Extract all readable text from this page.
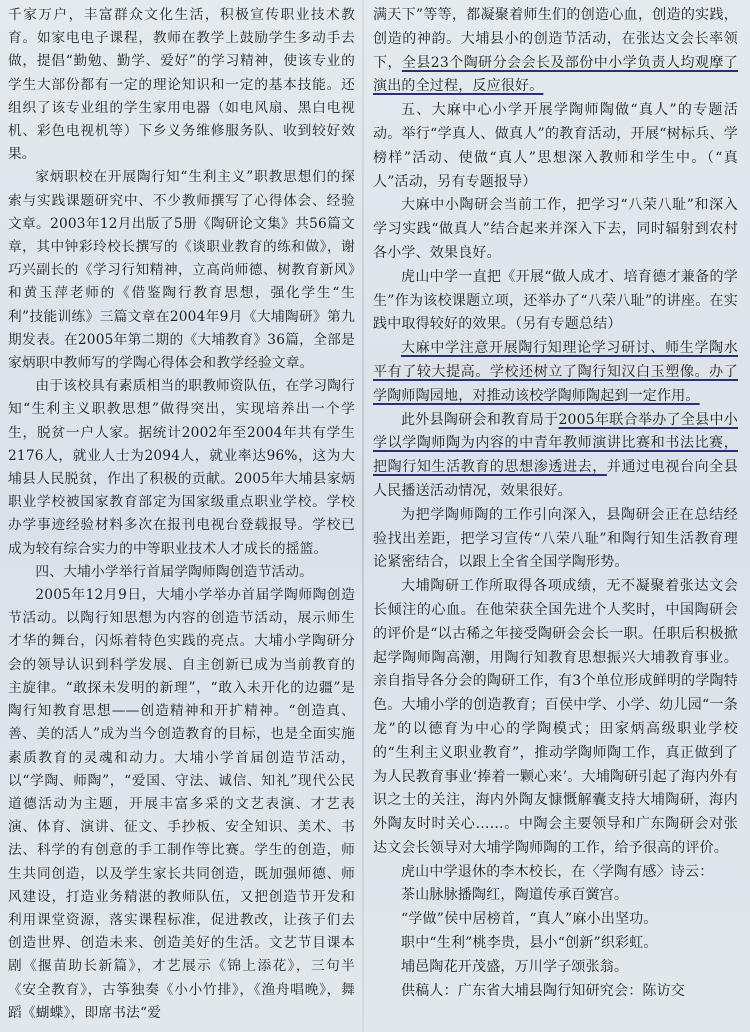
千家万户，丰富群众文化生活，积极宣传职业技术教育。如家电电子课程，教师在教学上鼓励学生多动手去做，提倡“勤勉、勤学、爱好”的学习精神，使该专业的学生大部份都有一定的理论知识和一定的基本技能。还组织了该专业组的学生家用电器（如电风扇、黑白电视机、彩色电视机等）下乡义务维修服务队、收到较好效果。

家炳职校在开展陶行知“生利主义”职教思想们的探索与实践课题研究中、不少教师撰写了心得体会、经验文章。2003年12月出版了5册《陶研论文集》共56篇文章，其中钟彩玲校长撰写的《谈职业教育的练和做》，谢巧兴副长的《学习行知精神，立高尚师德、树教育新风》和黄玉萍老师的《借鉴陶行教育思想，强化学生“生利”技能训练》三篇文章在2004年9月《大埔陶研》第九期发表。在2005年第二期的《大埔教育》36篇，全部是家炳职中教师写的学陶心得体会和教学经验文章。

由于该校具有素质相当的职教师资队伍，在学习陶行知“生利主义职教思想”做得突出，实现培养出一个学生，脱贫一户人家。据统计2002年至2004年共有学生2176人，就业人士为2094人，就业率达96%，这为大埔县人民脱贫，作出了积极的贡献。2005年大埔县家炳职业学校被国家教育部定为国家级重点职业学校。学校办学事迹经验材料多次在报刊电视台登载报导。学校已成为较有综合实力的中等职业技术人才成长的摇篮。

四、大埔小学举行首届学陶师陶创造节活动。

2005年12月9日，大埔小学举办首届学陶师陶创造节活动。以陶行知思想为内容的创造节活动，展示师生才华的舞台，闪烁着特色实践的亮点。大埔小学陶研分会的领导认识到科学发展、自主创新已成为当前教育的主旋律。“敢探未发明的新理”，“敢入未开化的边疆”是陶行知教育思想——创造精神和开扩精神。“创造真、善、美的活人”成为当今创造教育的目标，也是全面实施素质教育的灵魂和动力。大埔小学首届创造节活动，以“学陶、师陶”，“爱国、守法、诚信、知礼”现代公民道德活动为主题，开展丰富多采的文艺表演、才艺表演、体育、演讲、征文、手抄板、安全知识、美术、书法、科学的有创意的手工制作等比赛。学生的创造，师生共同创造，以及学生家长共同创造，既加强师德、师风建设，打造业务精湛的教师队伍，又把创造节开发和利用课堂资源，落实课程标准，促进教改，让孩子们去创造世界、创造未来、创造美好的生活。文艺节目课本剧《揠苗助长新篇》，才艺展示《锦上添花》，三句半《安全教育》，古筝独奏《小小竹排》，《渔舟唱晚》，舞蹈《蝴蝶》，即席书法“爱

满天下”等等，都凝聚着师生们的创造心血，创造的实践，创造的神韵。大埔县小的创造节活动，在张达文会长率领下，全县23个陶研分会会长及部份中小学负责人均观摩了演出的全过程，反应很好。

五、大麻中心小学开展学陶师陶做“真人”的专题活动。举行“学真人、做真人”的教育活动，开展“树标兵、学榜样”活动、使做“真人”思想深入教师和学生中。（“真人”活动，另有专题报导）

大麻中小陶研会当前工作，把学习“八荣八耻”和深入学习实践“做真人”结合起来并深入下去，同时辐射到农村各小学、效果良好。

虎山中学一直把《开展“做人成才、培育德才兼备的学生”作为该校课题立项，还举办了“八荣八耻”的讲座。在实践中取得较好的效果。（另有专题总结）

大麻中学注意开展陶行知理论学习研讨、师生学陶水平有了较大提高。学校还树立了陶行知汉白玉塑像。办了学陶师陶园地，对推动该校学陶师陶起到一定作用。

此外县陶研会和教育局于2005年联合举办了全县中小学以学陶师陶为内容的中青年教师演讲比赛和书法比赛，把陶行知生活教育的思想渗透进去，并通过电视台向全县人民播送活动情况，效果很好。

为把学陶师陶的工作引向深入，县陶研会正在总结经验找出差距，把学习宣传“八荣八耻”和陶行知生活教育理论紧密结合，以跟上全省全国学陶形势。

大埔陶研工作所取得各项成绩，无不凝聚着张达文会长倾注的心血。在他荣获全国先进个人奖时，中国陶研会的评价是“以古稀之年接受陶研会会长一职。任职后积极掀起学陶师陶高潮，用陶行知教育思想振兴大埔教育事业。亲自指导各分会的陶研工作，有3个单位形成鲜明的学陶特色。大埔小学的创造教育；百侯中学、小学、幼儿园“一条龙”的以德育为中心的学陶模式；田家炳高级职业学校的“生利主义职业教育”，推动学陶师陶工作，真正做到了为人民教育事业‘捧着一颗心来’。大埔陶研引起了海内外有识之士的关注，海内外陶友慷慨解囊支持大埔陶研，海内外陶友时时关心……。中陶会主要领导和广东陶研会对张达文会长领导对大埔学陶师陶的工作，给予很高的评价。

虎山中学退休的李木校长，在〈学陶有感〉诗云：

茶山脉脉播陶红，陶道传承百黉宫。

“学做”侯中居榜首，“真人”麻小出坚功。

职中“生利”桃李贵，县小“创新”织彩虹。

埔邑陶花开茂盛，万川学子颂张翁。

供稿人：广东省大埔县陶行知研究会：陈访交
